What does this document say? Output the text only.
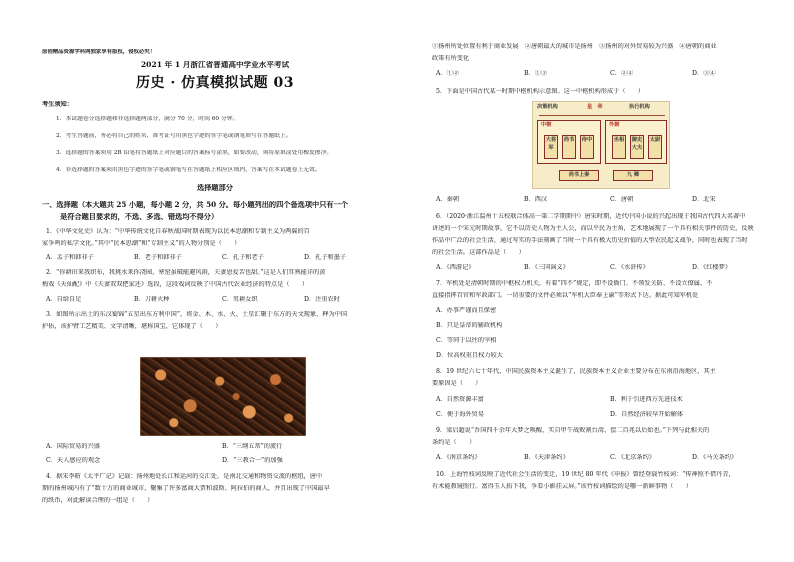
原创精品资源学科网独家享有版权，侵权必究！
2021 年 1 月浙江省普通高中学业水平考试
历史 · 仿真模拟试题 03
考生须知：
1．本试题卷分选择题和非选择题两部分，满分 70 分，时间 60 分钟。
2．考生答题前，务必将自己的姓名、准考证号用黑色字迹的签字笔或钢笔填写在答题纸上。
3．选择题的答案须用 2B 铅笔将答题纸上对应题目的答案标号涂黑，如要改动，须将原填涂处用橡皮擦净。
4．非选择题的答案须用黑色字迹的签字笔或钢笔写在答题纸上相应区域内，答案写在本试题卷上无效。
选择题部分
一、选择题（本大题共 25 小题，每小题 2 分，共 50 分。每小题列出的四个备选项中只有一个
是符合题目要求的，不选、多选、错选均不得分）
1．《中华文化史》认为：“中华传统文化自春秋战国时期表现为以民本思潮和专制主义为两翼的百
家争鸣的私学文化。”其中“民本思潮”和“专制主义”的人物分别是（　　）
A．孟子和韩非子	B．老子和韩非子	C．孔子和老子	D．孔子和墨子
2．“你耕田来我织布，我挑水来你浇园，寒窑虽破能避风雨，夫妻恩爱苦也甜。”这是人们耳熟能详的黄
梅戏《天仙配》中《夫妻双双把家还》选段，这段戏词反映了中国古代农业经济的特点是（　　）
A．自给自足	B．刀耕火种	C．男耕女织	D．注重农时
3．如图所示出土的东汉蜀锦“五星出东方利中国”，将金、木、水、火、土星汇聚于东方的天文现象，释为中国
护佑，该护臂工艺精美、文字清晰，堪称国宝，它体现了（　　）
A．国际贸易的兴盛	B．“三纲五常”的流行
C．天人感应的观念	D．“三教合一”的加强
4．据宋李昉《太平广记》记载：扬州地处长江和运河的交汇处，是南北交通和物资交流的枢纽，唐中
期的扬州城内有了“数十万的商业城市，聚集了许多富商大贾和波斯、阿拉伯的商人，并且出现了中国最早
的纸币，对此解读合理的一组是（　　）
①扬州所处位置有利于商业发展　②唐朝最大的城市是扬州　③扬州的对外贸易较为兴盛　④唐朝的商业
政策有所变化
A．①②	B．①③	C．②④	D．③④
5．下面是中国古代某一时期中枢机构示意图。这一中枢机构形成于（　　）
决策机构	皇　帝	执行机构
中朝
大将军
尚书	侍中
外朝
丞相	御史大夫
太尉
尚书上奏	九 卿
A．秦朝	B．西汉	C．唐朝	D．北宋
6．（2020·浙江温州十五校联合体高一第二学期期中）唐宋时期，近代中国小说的兴起出现于我国古代四大名著中
讲述的一个宋元时期故事，它不以历史人物为主人公，而以平民为主角，艺术地展现了一个具有相关事件的历史，反映
作品中广泛的社会生活，通过写实的手法刻画了当时一个具有极大历史价值的大型农民起义战争，同时也表现了当时
的社会生活。这部作品是（　　）
A．《西游记》	B．《三国演义》	C．《水浒传》	D．《红楼梦》
7．军机处是清朝时期的中枢权力机关，有着“四不”规定，即不设衙门、不领发关防、不设立僚属、不
直接指挥百官和军政部门。一切重要的文件必须以“军机大臣奉上谕”等形式下达。据此可知军机处
A．办事严谨而且保密
B．只是皇帝的辅政机构
C．等同于以往的宰相
D．位高权重且权力较大
8．19 世纪六七十年代，中国民族资本主义诞生了，民族资本主义企业主要分布在东南沿海地区，其主
要原因是（　　）
A．自然资源丰富	B．利于引进西方先进技术
C．便于海外贸易	D．自然经济较早开始解体
9．梁启超说“吾国四千余年大梦之唤醒，实自甲午战败割台湾、偿二百兆以后始也。”下列与此相关的
条约是（　　）
A．《南京条约》	B．《天津条约》	C．《北京条约》	D．《马关条约》
10．上海竹枝词反映了近代社会生活的变迁，19 世纪 80 年代《申报》曾经登载竹枝词：“传神照不借丹青，
有术能教镜照行。富得玉人掐下我，争看小影挂云屏。”该竹枝词描绘的是哪一新鲜事物（　　）
